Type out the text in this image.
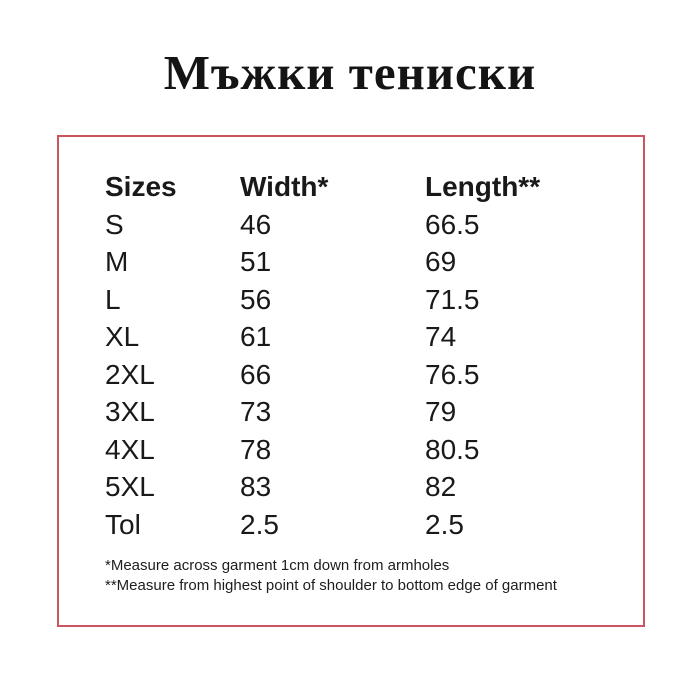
Мъжки тениски
Sizes	Width*	Length**
S	46	66.5
M	51	69
L	56	71.5
XL	61	74
2XL	66	76.5
3XL	73	79
4XL	78	80.5
5XL	83	82
Tol	2.5	2.5
*Measure across garment 1cm down from armholes
**Measure from highest point of shoulder to bottom edge of garment
